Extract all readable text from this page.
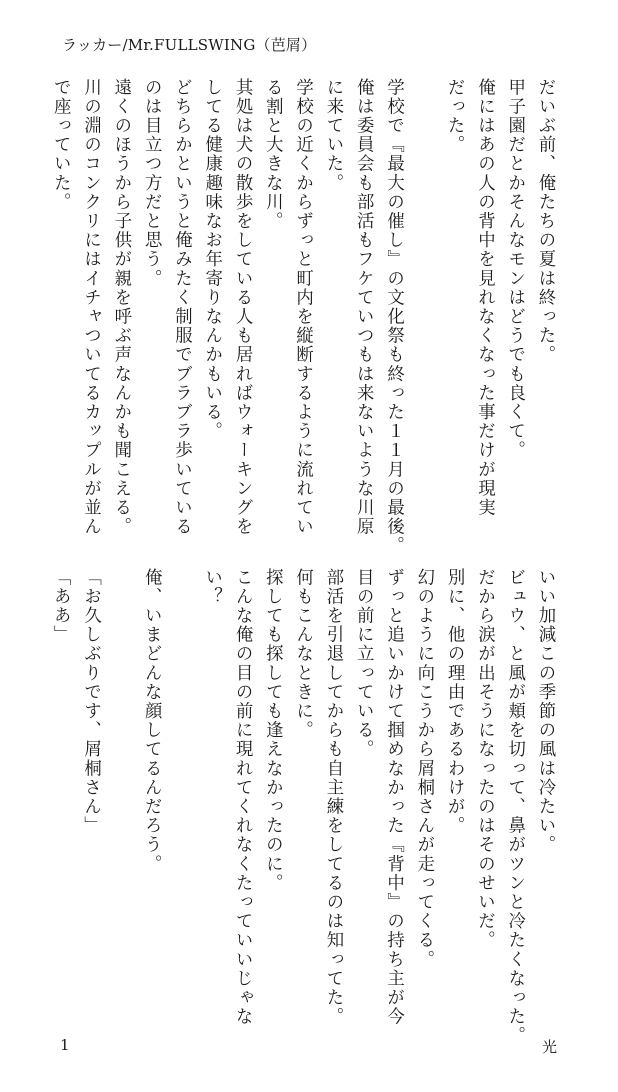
ラッカー/Mr.FULLSWING（芭屑）
だいぶ前、俺たちの夏は終った。
甲子園だとかそんなモンはどうでも良くて。
俺にはあの人の背中を見れなくなった事だけが現実
だった。
学校で『最大の催し』の文化祭も終った１１月の最後。
俺は委員会も部活もフケていつもは来ないような川原
に来ていた。
学校の近くからずっと町内を縦断するように流れてい
る割と大きな川。
其処は犬の散歩をしている人も居ればウォーキングを
してる健康趣味なお年寄りなんかもいる。
どちらかというと俺みたく制服でブラブラ歩いている
のは目立つ方だと思う。
遠くのほうから子供が親を呼ぶ声なんかも聞こえる。
川の淵のコンクリにはイチャついてるカップルが並ん
で座っていた。
いい加減この季節の風は冷たい。
ビュウ、と風が頬を切って、鼻がツンと冷たくなった。
だから涙が出そうになったのはそのせいだ。
別に、他の理由であるわけが。
幻のように向こうから屑桐さんが走ってくる。
ずっと追いかけて掴めなかった『背中』の持ち主が今
目の前に立っている。
部活を引退してからも自主練をしてるのは知ってた。
何もこんなときに。
探しても探しても逢えなかったのに。
こんな俺の目の前に現れてくれなくたっていいじゃな
い？
俺、いまどんな顔してるんだろう。
「お久しぶりです、屑桐さん」
「ああ」
1	光
